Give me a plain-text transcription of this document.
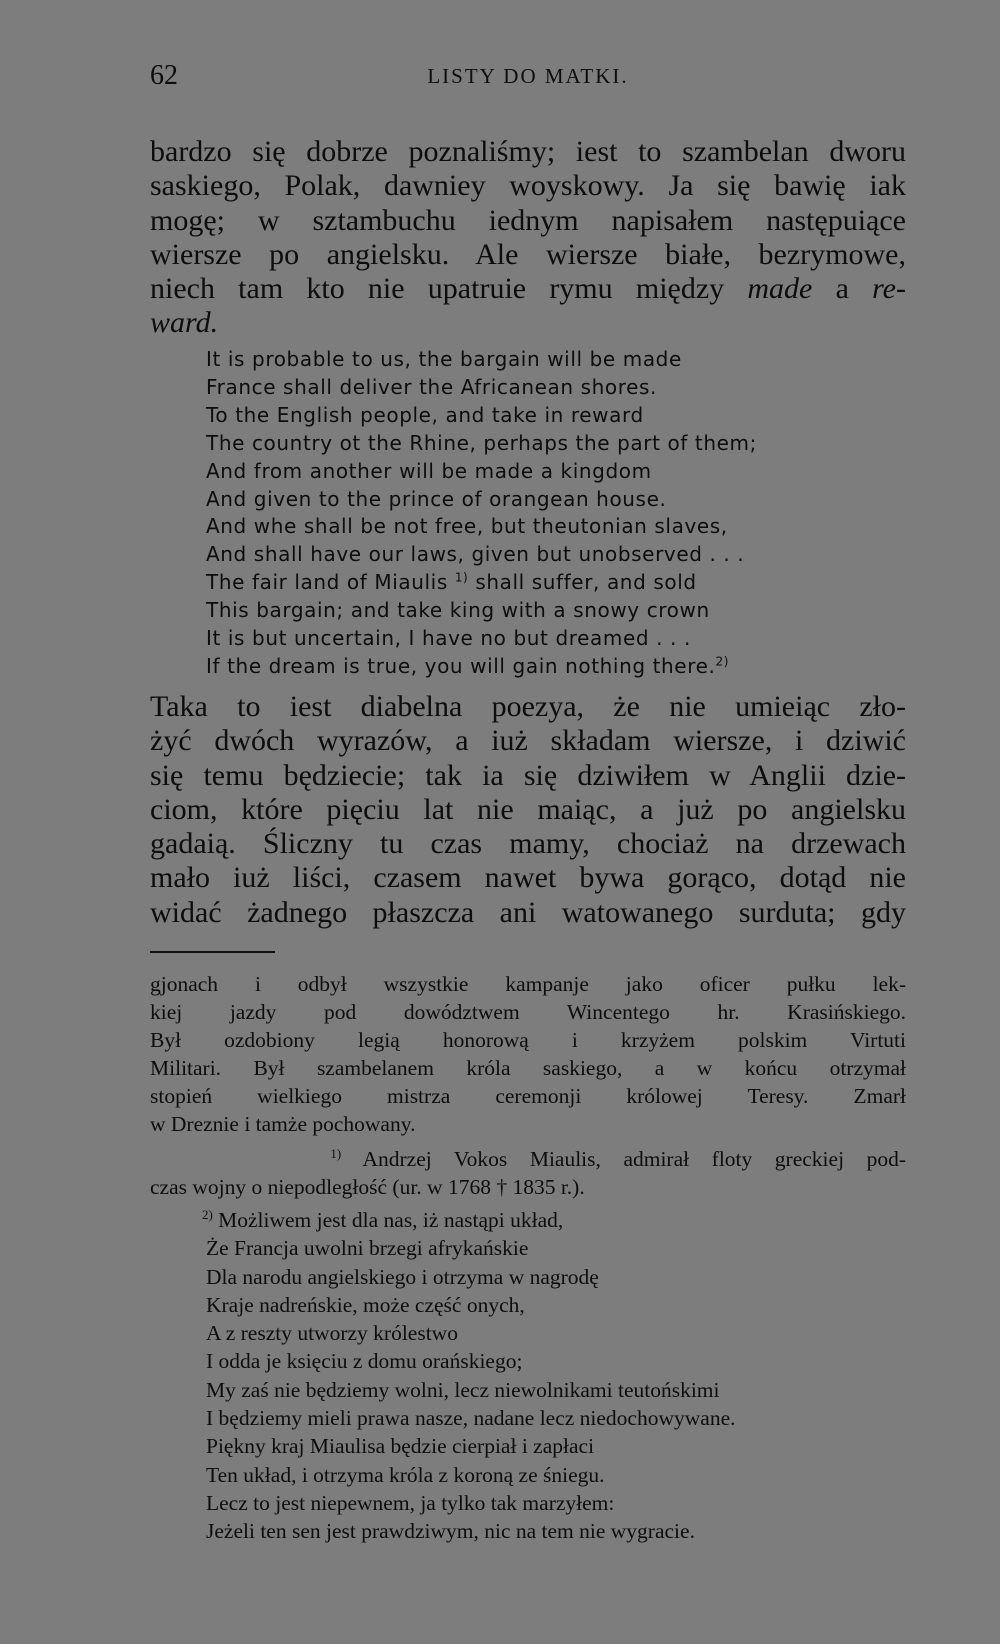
62	LISTY DO MATKI.
bardzo się dobrze poznaliśmy; iest to szambelan dworu
saskiego, Polak, dawniey woyskowy. Ja się bawię iak
mogę; w sztambuchu iednym napisałem następuiące
wiersze po angielsku. Ale wiersze białe, bezrymowe,
niech tam kto nie upatruie rymu między made a re-
ward.
It is probable to us, the bargain will be made
France shall deliver the Africanean shores.
To the English people, and take in reward
The country ot the Rhine, perhaps the part of them;
And from another will be made a kingdom
And given to the prince of orangean house.
And whe shall be not free, but theutonian slaves,
And shall have our laws, given but unobserved . . .
The fair land of Miaulis $^{1)}$ shall suffer, and sold
This bargain; and take king with a snowy crown
It is but uncertain, I have no but dreamed . . .
If the dream is true, you will gain nothing there.$^{2)}$
Taka to iest diabelna poezya, że nie umieiąc zło-
żyć dwóch wyrazów, a iuż składam wiersze, i dziwić
się temu będziecie; tak ia się dziwiłem w Anglii dzie-
ciom, które pięciu lat nie maiąc, a już po angielsku
gadaią. Śliczny tu czas mamy, chociaż na drzewach
mało iuż liści, czasem nawet bywa gorąco, dotąd nie
widać żadnego płaszcza ani watowanego surduta; gdy
gjonach i odbył wszystkie kampanje jako oficer pułku lek-
kiej jazdy pod dowództwem Wincentego hr. Krasińskiego.
Był ozdobiony legią honorową i krzyżem polskim Virtuti
Militari. Był szambelanem króla saskiego, a w końcu otrzymał
stopień wielkiego mistrza ceremonji królowej Teresy. Zmarł
w Dreznie i tamże pochowany.
$^{1)}$ Andrzej Vokos Miaulis, admirał floty greckiej pod-
czas wojny o niepodległość (ur. w 1768 † 1835 r.).
$^{2)}$ Możliwem jest dla nas, iż nastąpi układ,
Że Francja uwolni brzegi afrykańskie
Dla narodu angielskiego i otrzyma w nagrodę
Kraje nadreńskie, może część onych,
A z reszty utworzy królestwo
I odda je księciu z domu orańskiego;
My zaś nie będziemy wolni, lecz niewolnikami teutońskimi
I będziemy mieli prawa nasze, nadane lecz niedochowywane.
Piękny kraj Miaulisa będzie cierpiał i zapłaci
Ten układ, i otrzyma króla z koroną ze śniegu.
Lecz to jest niepewnem, ja tylko tak marzyłem:
Jeżeli ten sen jest prawdziwym, nic na tem nie wygracie.
